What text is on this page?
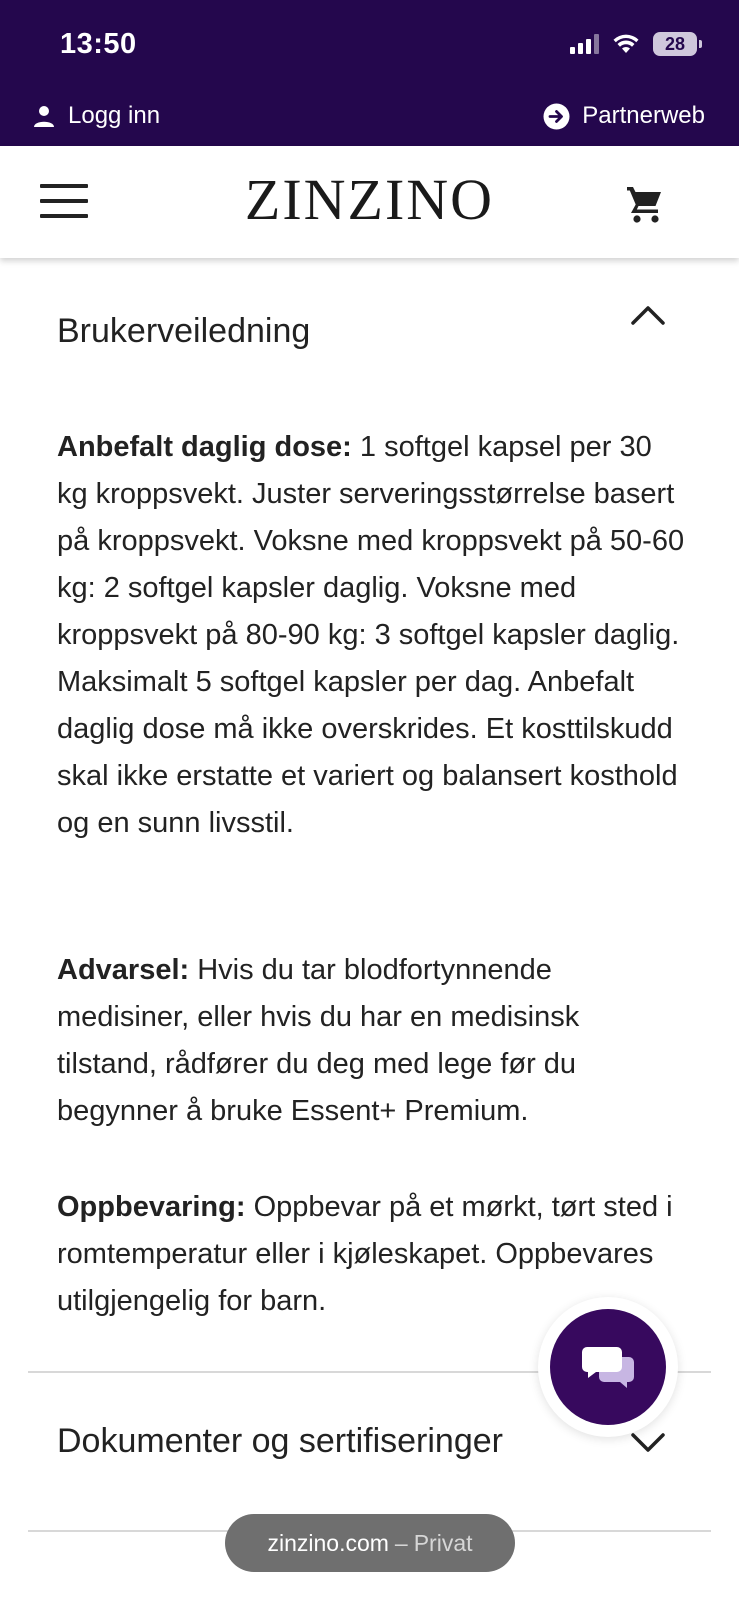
13:50	28
Logg inn	Partnerweb
ZINZINO
Brukerveiledning
Anbefalt daglig dose: 1 softgel kapsel per 30 kg kroppsvekt. Juster serveringsstørrelse basert på kroppsvekt. Voksne med kroppsvekt på 50-60 kg: 2 softgel kapsler daglig. Voksne med kroppsvekt på 80-90 kg: 3 softgel kapsler daglig. Maksimalt 5 softgel kapsler per dag. Anbefalt daglig dose må ikke overskrides. Et kosttilskudd skal ikke erstatte et variert og balansert kosthold og en sunn livsstil.
Advarsel: Hvis du tar blodfortynnende medisiner, eller hvis du har en medisinsk tilstand, rådfører du deg med lege før du begynner å bruke Essent+ Premium.
Oppbevaring: Oppbevar på et mørkt, tørt sted i romtemperatur eller i kjøleskapet. Oppbevares utilgjengelig for barn.
Dokumenter og sertifiseringer
zinzino.com – Privat
